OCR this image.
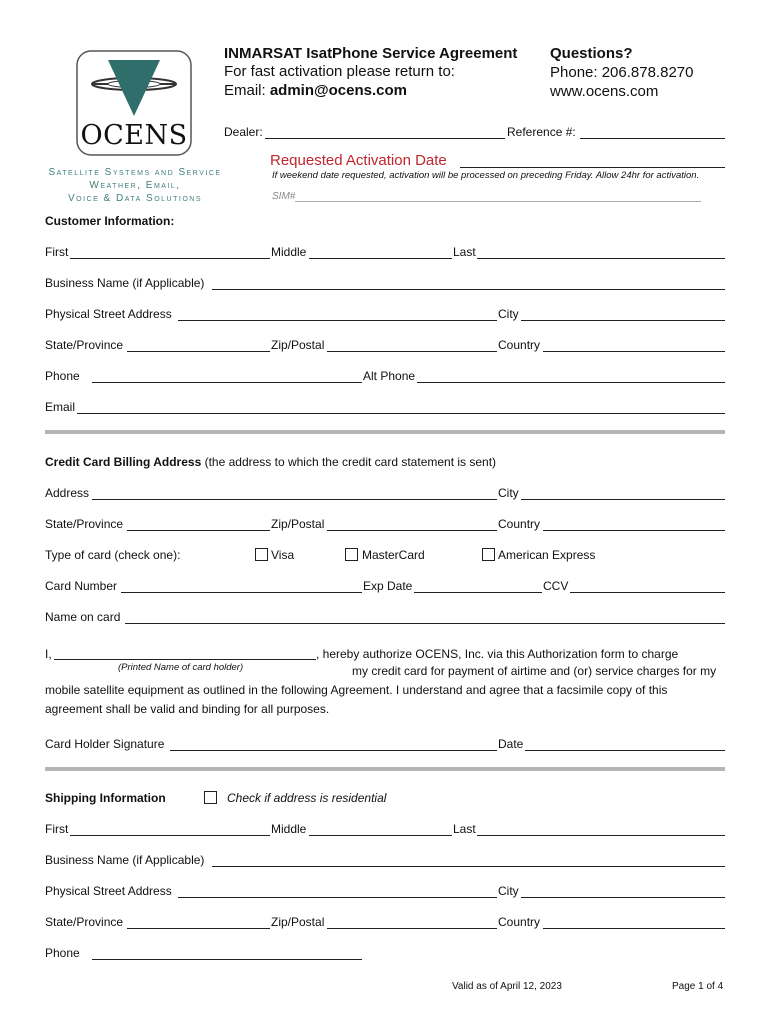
OCENS
Satellite Systems and Service
Weather, Email,
Voice & Data Solutions
INMARSAT IsatPhone Service Agreement
For fast activation please return to:
Email: admin@ocens.com
Questions?
Phone: 206.878.8270
www.ocens.com
Dealer:	Reference #:
Requested Activation Date
If weekend date requested, activation will be processed on preceding Friday. Allow 24hr for activation.
SIM#
Customer Information:
First	Middle	Last
Business Name (if Applicable)
Physical Street Address	City
State/Province	Zip/Postal	Country
Phone	Alt Phone
Email
Credit Card Billing Address (the address to which the credit card statement is sent)
Address	City
State/Province	Zip/Postal	Country
Type of card (check one):	Visa	MasterCard	American Express
Card Number	Exp Date	CCV
Name on card
I,	, hereby authorize OCENS, Inc. via this Authorization form to charge
(Printed Name of card holder)	my credit card for payment of airtime and (or) service charges for my
mobile satellite equipment as outlined in the following Agreement. I understand and agree that a facsimile copy of this
agreement shall be valid and binding for all purposes.
Card Holder Signature	Date
Shipping Information	Check if address is residential
First	Middle	Last
Business Name (if Applicable)
Physical Street Address	City
State/Province	Zip/Postal	Country
Phone
Valid as of April 12, 2023	Page 1 of 4
